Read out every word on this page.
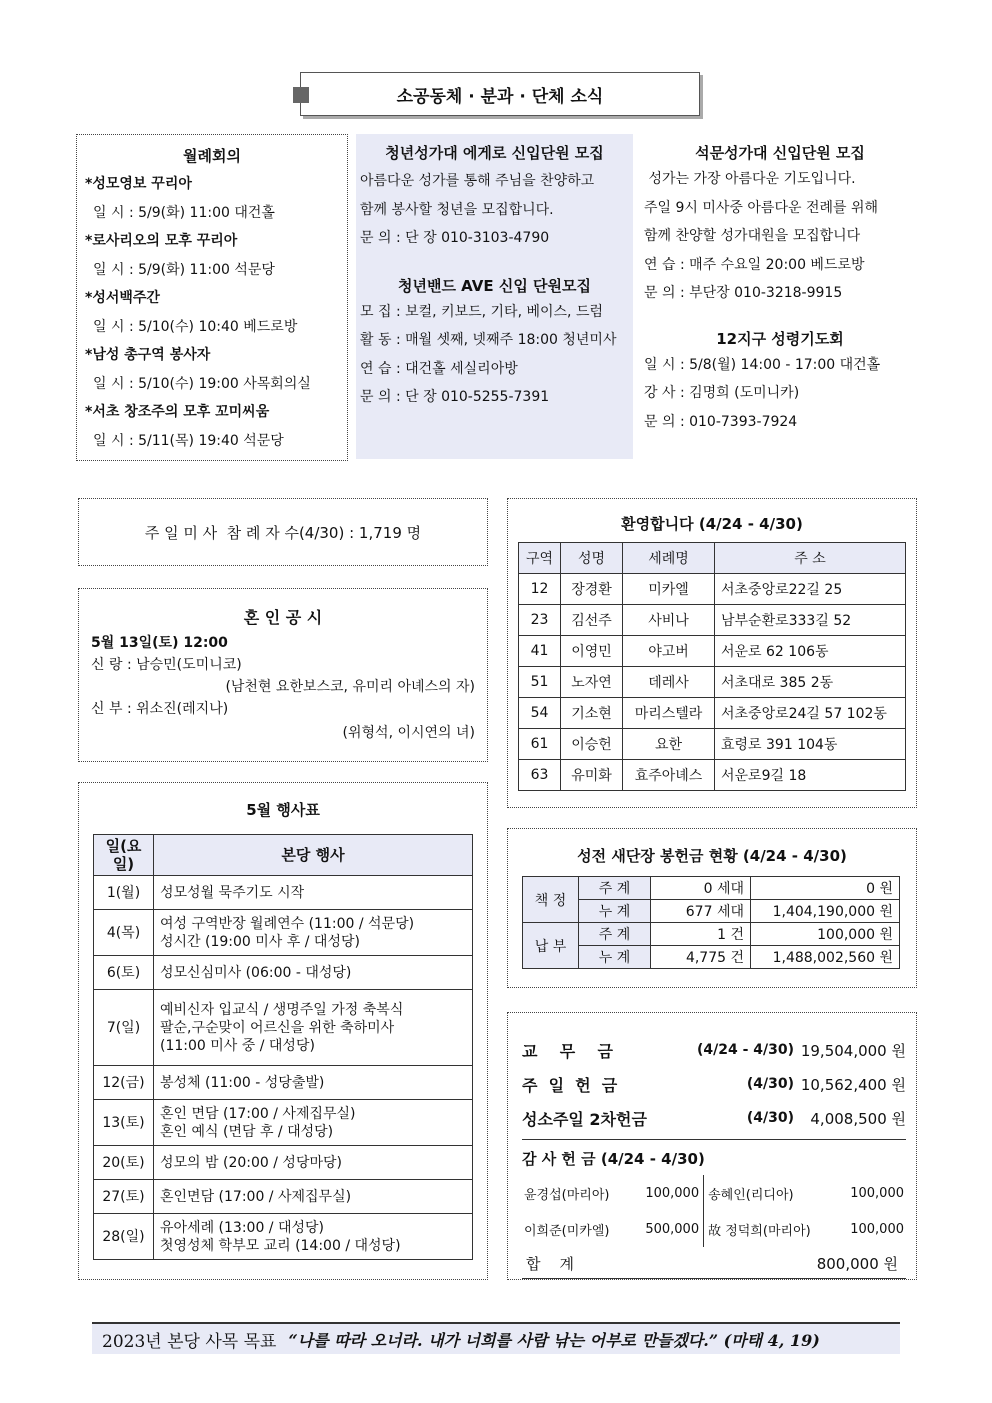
소공동체 · 분과 · 단체 소식
월례회의
*성모영보 꾸리아
일 시 : 5/9(화) 11:00 대건홀
*로사리오의 모후 꾸리아
일 시 : 5/9(화) 11:00 석문당
*성서백주간
일 시 : 5/10(수) 10:40 베드로방
*남성 총구역 봉사자
일 시 : 5/10(수) 19:00 사목회의실
*서초 창조주의 모후 꼬미씨움
일 시 : 5/11(목) 19:40 석문당
청년성가대 에게로 신입단원 모집
아름다운 성가를 통해 주님을 찬양하고
함께 봉사할 청년을 모집합니다.
문 의 : 단 장 010-3103-4790
청년밴드 AVE 신입 단원모집
모 집 : 보컬, 키보드, 기타, 베이스, 드럼
활 동 : 매월 셋째, 넷째주 18:00 청년미사
연 습 : 대건홀 세실리아방
문 의 : 단 장 010-5255-7391
석문성가대 신입단원 모집
성가는 가장 아름다운 기도입니다.
주일 9시 미사중 아름다운 전례를 위해
함께 찬양할 성가대원을 모집합니다
연 습 : 매주 수요일 20:00 베드로방
문 의 : 부단장 010-3218-9915
12지구 성령기도회
일 시 : 5/8(월) 14:00 - 17:00 대건홀
강 사 : 김명희 (도미니카)
문 의 : 010-7393-7924
주 일 미 사  참 례 자 수(4/30) : 1,719 명
혼 인 공 시
5월 13일(토) 12:00
신 랑 : 남승민(도미니코)
(남천현 요한보스코, 유미리 아녜스의 자)
신 부 : 위소진(레지나)
(위형석, 이시연의 녀)
5월 행사표
일(요일)	본당 행사
1(월)	성모성월 묵주기도 시작

4(목)	여성 구역반장 월례연수 (11:00 / 석문당)
성시간 (19:00 미사 후 / 대성당)

6(토)	성모신심미사 (06:00 - 대성당)

7(일)	예비신자 입교식 / 생명주일 가정 축복식
팔순,구순맞이 어르신을 위한 축하미사
(11:00 미사 중 / 대성당)

12(금)	봉성체 (11:00 - 성당출발)

13(토)	혼인 면담 (17:00 / 사제집무실)
혼인 예식 (면담 후 / 대성당)

20(토)	성모의 밤 (20:00 / 성당마당)

27(토)	혼인면담 (17:00 / 사제집무실)

28(일)	유아세례 (13:00 / 대성당)
첫영성체 학부모 교리 (14:00 / 대성당)
환영합니다 (4/24 - 4/30)
구역	성명	세례명	주 소
12	장경환	미카엘	서초중앙로22길 25
23	김선주	사비나	남부순환로333길 52
41	이영민	야고버	서운로 62 106동
51	노자연	데레사	서초대로 385 2동
54	기소현	마리스텔라	서초중앙로24길 57 102동
61	이승헌	요한	효령로 391 104동
63	유미화	효주아녜스	서운로9길 18
성전 새단장 봉헌금 현황 (4/24 - 4/30)
책 정	주 계	0 세대	0 원
	누 계	677 세대	1,404,190,000 원
납 부	주 계	1 건	100,000 원
	누 계	4,775 건	1,488,002,560 원
교    무    금	(4/24 - 4/30) 19,504,000 원
주  일  헌  금	(4/30) 10,562,400 원
성소주일 2차헌금	(4/30)	4,008,500 원
감 사 헌 금 (4/24 - 4/30)
윤경섭(마리아)	100,000	송혜인(리디아)	100,000
이희준(미카엘)	500,000	故 정덕희(마리아)	100,000
합    계	800,000 원
2023년 본당 사목 목표 “나를 따라 오너라. 내가 너희를 사람 낚는 어부로 만들겠다.” (마태 4, 19)
